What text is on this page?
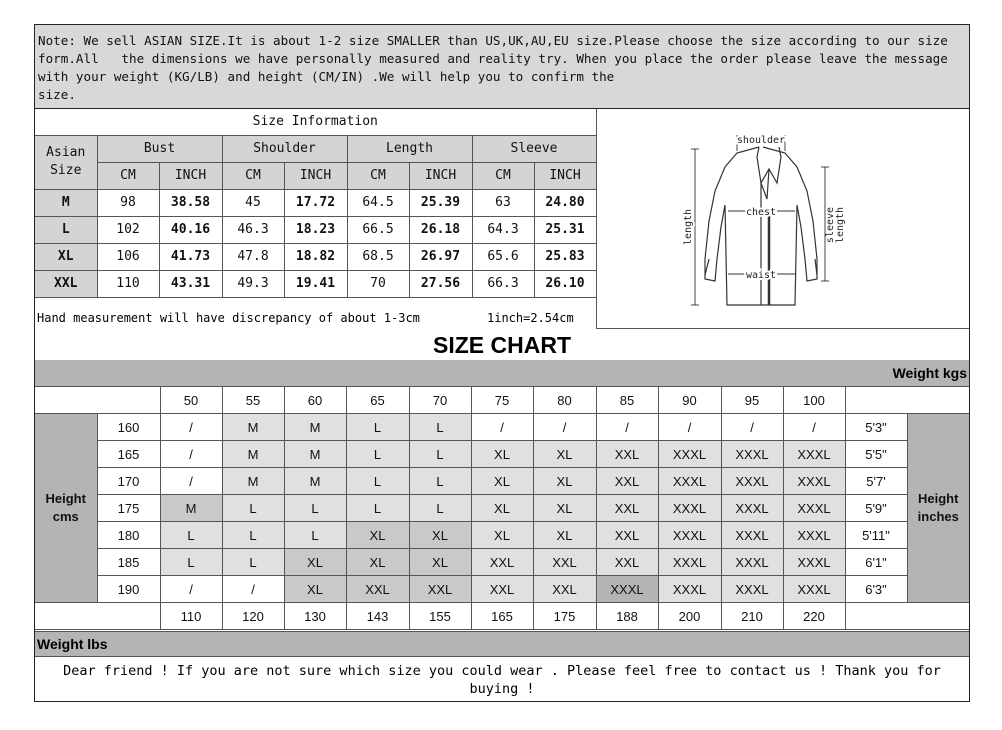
Note: We sell ASIAN SIZE.It is about 1-2 size SMALLER than US,UK,AU,EU size.Please choose the size according to our size form.All   the dimensions we have personally measured and reality try. When you place the order please leave the message with your weight (KG/LB) and height (CM/IN) .We will help you to confirm the
size.
Size Information								
Asian
Size	Bust		Shoulder		Length		Sleeve	
	CM	INCH	CM	INCH	CM	INCH	CM	INCH
M	98	38.58	45	17.72	64.5	25.39	63	24.80
L	102	40.16	46.3	18.23	66.5	26.18	64.3	25.31
XL	106	41.73	47.8	18.82	68.5	26.97	65.6	25.83
XXL	110	43.31	49.3	19.41	70	27.56	66.3	26.10
Hand measurement will have discrepancy of about 1-3cm	1inch=2.54cm
shoulder
chest
waist
length	sleeve length
SIZE CHART
Weight kgs
		50	55	60	65	70	75	80	85	90	95	100		
Height
cms	160	/	M	M	L	L	/	/	/	/	/	/	5'3"	Height
inches
	165	/	M	M	L	L	XL	XL	XXL	XXXL	XXXL	XXXL	5'5"	
	170	/	M	M	L	L	XL	XL	XXL	XXXL	XXXL	XXXL	5'7'	
	175	M	L	L	L	L	XL	XL	XXL	XXXL	XXXL	XXXL	5'9"	
	180	L	L	L	XL	XL	XL	XL	XXL	XXXL	XXXL	XXXL	5'11"	
	185	L	L	XL	XL	XL	XXL	XXL	XXL	XXXL	XXXL	XXXL	6'1"	
	190	/	/	XL	XXL	XXL	XXL	XXL	XXXL	XXXL	XXXL	XXXL	6'3"	
		110	120	130	143	155	165	175	188	200	210	220		
Weight lbs
Dear friend ! If you are not sure which size you could wear . Please feel free to contact us ! Thank you for buying !
